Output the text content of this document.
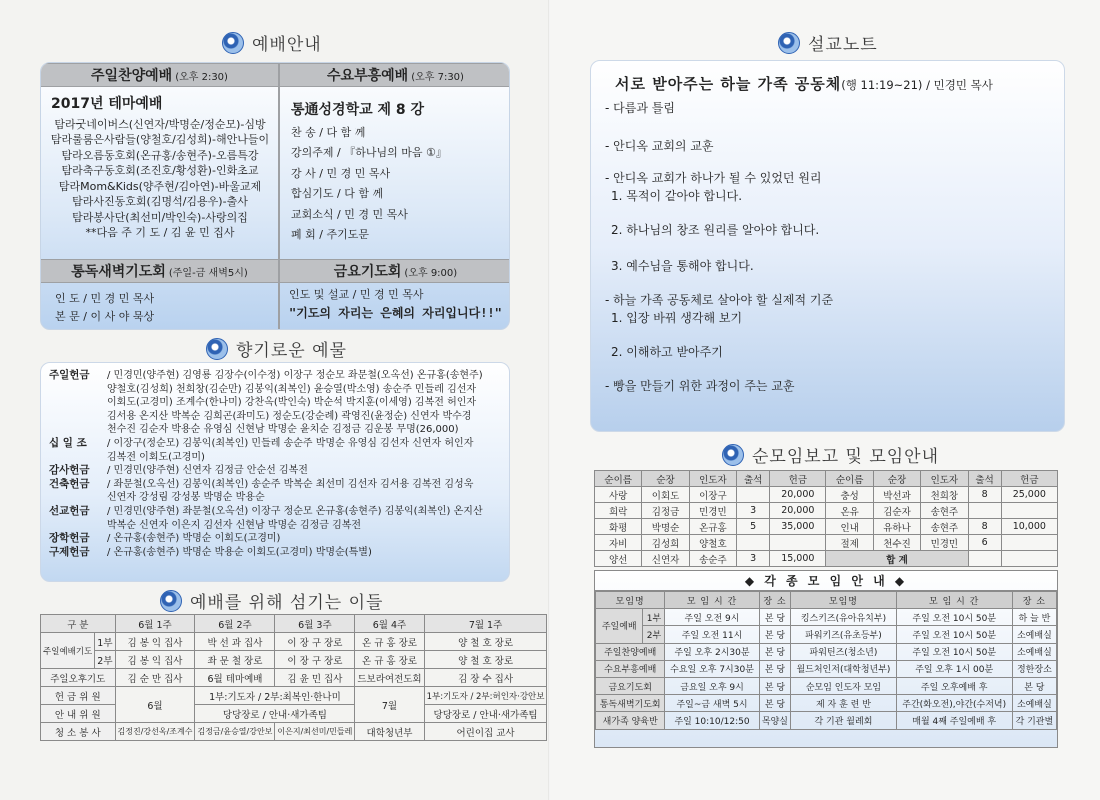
예배안내
주일찬양예배 (오후 2:30)	수요부흥예배 (오후 7:30)
2017년 테마예배
탐라굿네이버스(신연자/박명순/정순모)-심방
탐라룰룸은사람들(양철호/김성희)-해안나들이
탐라오름동호회(온규홍/송현주)-오름특강
탐라축구동호회(조진호/황성환)-인화초교
탐라Mom&Kids(양주현/김아연)-바울교제
탐라사진동호회(김명석/김용우)-출사
탐라봉사단(최선미/박인숙)-사랑의집
**다음 주 기 도 / 김 윤 민 집사
통通성경학교 제 8 강
찬 송 / 다 함 께
강의주제 / 『하나님의 마음 ①』
강 사 / 민 경 민 목사
합심기도 / 다 함 께
교회소식 / 민 경 민 목사
폐 회 / 주기도문
통독새벽기도회 (주일-금 새벽5시)	금요기도회 (오후 9:00)
인 도 / 민 경 민 목사
본 문 / 이 사 야 묵상
인도 및 설교 / 민 경 민 목사
"기도의 자리는 은혜의 자리입니다!!"
향기로운 예물
주일헌금	/ 민경민(양주현) 김영룡 김장수(이수정) 이장구 정순모 좌문철(오옥선) 온규홍(송현주)
양철호(김성희) 천희창(김순만) 김봉익(최복인) 윤승열(박소영) 송순주 민들레 김선자
이회도(고경미) 조계수(한나미) 강찬옥(박인숙) 박순석 박지훈(이세영) 김복전 허인자
김서용 온지산 박복순 김희곤(좌미도) 정순도(강순례) 곽영진(윤정순) 신연자 박수경
천수진 김순자 박용순 유영심 신현남 박명순 윤치순 김정금 김운봉 무명(26,000)
십 일 조	/ 이장구(정순모) 김봉익(최복인) 민들레 송순주 박명순 유영심 김선자 신연자 허인자
김복전 이회도(고경미)
감사헌금	/ 민경민(양주현) 신연자 김정금 안순선 김복전
건축헌금	/ 좌문철(오옥선) 김봉익(최복인) 송순주 박복순 최선미 김선자 김서용 김복전 김성욱
신연자 강성림 강성봉 박명순 박용순
선교헌금	/ 민경민(양주현) 좌문철(오옥선) 이장구 정순모 온규홍(송현주) 김봉익(최복인) 온지산
박복순 신연자 이은지 김선자 신현남 박명순 김정금 김복전
장학헌금	/ 온규홍(송현주) 박명순 이회도(고경미)
구제헌금	/ 온규홍(송현주) 박명순 박용순 이회도(고경미) 박명순(특별)
예배를 위해 섬기는 이들
구 분		6월 1주	6월 2주	6월 3주	6월 4주	7월 1주
주일예배기도	1부	김 봉 익 집사	박 선 과 집사	이 장 구 장로	온 규 홍 장로	양 철 호 장로
	2부	김 봉 익 집사	좌 문 철 장로	이 장 구 장로	온 규 홍 장로	양 철 호 장로
주일오후기도		김 순 만 집사	6월 테마예배	김 윤 민 집사	드보라여전도회	김 장 수 집사
헌 금 위 원		6월	1부:기도자 / 2부:최복인·한나미		7월	1부:기도자 / 2부:허인자·강안보
안 내 위 원			당당장로 / 안내·새가족팀			당당장로 / 안내·새가족팀
청 소 봉 사		김정진/강선옥/조계수	김정금/윤승열/강안보	이은지/최선미/민들레	대학청년부	어린이집 교사
설교노트
서로 받아주는 하늘 가족 공동체(행 11:19~21) / 민경민 목사
- 다름과 틀림
- 안디옥 교회의 교훈
- 안디옥 교회가 하나가 될 수 있었던 원리
1. 목적이 같아야 합니다.
2. 하나님의 창조 원리를 알아야 합니다.
3. 예수님을 통해야 합니다.
- 하늘 가족 공동체로 살아야 할 실제적 기준
1. 입장 바꿔 생각해 보기
2. 이해하고 받아주기
- 빵을 만들기 위한 과정이 주는 교훈
순모임보고 및 모임안내
순이름	순장	인도자	출석	헌금	순이름	순장	인도자	출석	헌금
사랑	이회도	이장구		20,000	충성	박선과	천희창	8	25,000
희락	김정금	민경민	3	20,000	온유	김순자	송현주		
화평	박명순	온규홍	5	35,000	인내	유하나	송현주	8	10,000
자비	김성희	양철호			절제	천수진	민경민	6	
양선	신연자	송순주	3	15,000	합 계				
◆ 각 종 모 임 안 내 ◆
모임명		모 임 시 간	장 소	모임명	모 임 시 간	장 소
주일예배	1부	주일 오전 9시	본 당	킹스키즈(유아유치부)	주일 오전 10시 50분	하 늘 반
	2부	주일 오전 11시	본 당	파워키즈(유초등부)	주일 오전 10시 50분	소예배실
주일찬양예배		주일 오후 2시30분	본 당	파워틴즈(청소년)	주일 오전 10시 50분	소예배실
수요부흥예배		수요일 오후 7시30분	본 당	월드처인저(대학청년부)	주일 오후 1시 00분	정한장소
금요기도회		금요일 오후 9시	본 당	순모임 인도자 모임	주일 오후예배 후	본 당
통독새벽기도회		주일~금 새벽 5시	본 당	제 자 훈 련 반	주간(화오전),야간(수저녁)	소예배실
새가족 양육반		주일 10:10/12:50	목양실	각 기관 월례회	매월 4째 주일예배 후	각 기관별
